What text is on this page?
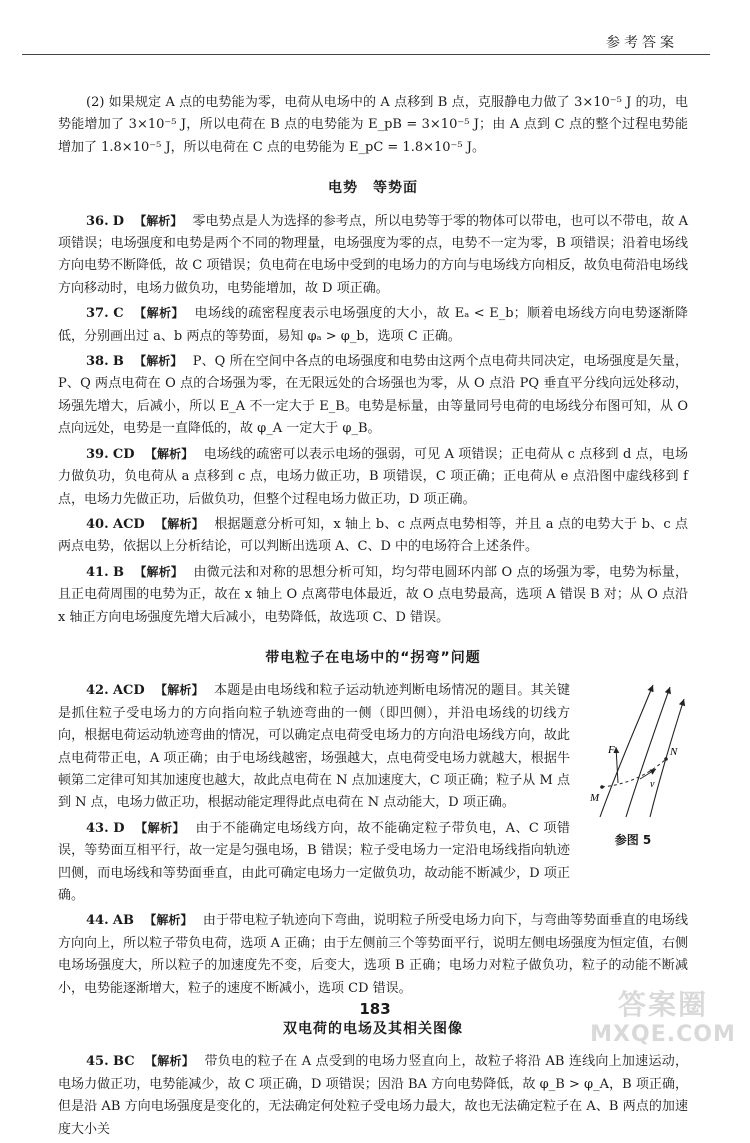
参考答案

(2) 如果规定 A 点的电势能为零，电荷从电场中的 A 点移到 B 点，克服静电力做了 3×10⁻⁵ J 的功，电势能增加了 3×10⁻⁵ J，所以电荷在 B 点的电势能为 E_pB = 3×10⁻⁵ J；由 A 点到 C 点的整个过程电势能增加了 1.8×10⁻⁵ J，所以电荷在 C 点的电势能为 E_pC = 1.8×10⁻⁵ J。

电势　等势面

36. D 【解析】 零电势点是人为选择的参考点，所以电势等于零的物体可以带电，也可以不带电，故 A 项错误；电场强度和电势是两个不同的物理量，电场强度为零的点，电势不一定为零，B 项错误；沿着电场线方向电势不断降低，故 C 项错误；负电荷在电场中受到的电场力的方向与电场线方向相反，故负电荷沿电场线方向移动时，电场力做负功，电势能增加，故 D 项正确。

37. C 【解析】 电场线的疏密程度表示电场强度的大小，故 Eₐ < E_b；顺着电场线方向电势逐渐降低，分别画出过 a、b 两点的等势面，易知 φₐ > φ_b，选项 C 正确。

38. B 【解析】 P、Q 所在空间中各点的电场强度和电势由这两个点电荷共同决定，电场强度是矢量，P、Q 两点电荷在 O 点的合场强为零，在无限远处的合场强也为零，从 O 点沿 PQ 垂直平分线向远处移动，场强先增大，后减小，所以 E_A 不一定大于 E_B。电势是标量，由等量同号电荷的电场线分布图可知，从 O 点向远处，电势是一直降低的，故 φ_A 一定大于 φ_B。

39. CD 【解析】 电场线的疏密可以表示电场的强弱，可见 A 项错误；正电荷从 c 点移到 d 点，电场力做负功，负电荷从 a 点移到 c 点，电场力做正功，B 项错误，C 项正确；正电荷从 e 点沿图中虚线移到 f 点，电场力先做正功，后做负功，但整个过程电场力做正功，D 项正确。

40. ACD 【解析】 根据题意分析可知，x 轴上 b、c 点两点电势相等，并且 a 点的电势大于 b、c 点两点电势，依据以上分析结论，可以判断出选项 A、C、D 中的电场符合上述条件。

41. B 【解析】 由微元法和对称的思想分析可知，均匀带电圆环内部 O 点的场强为零，电势为标量，且正电荷周围的电势为正，故在 x 轴上 O 点离带电体最近，故 O 点电势最高，选项 A 错误 B 对；从 O 点沿 x 轴正方向电场强度先增大后减小，电势降低，故选项 C、D 错误。

带电粒子在电场中的“拐弯”问题

42. ACD 【解析】 本题是由电场线和粒子运动轨迹判断电场情况的题目。其关键是抓住粒子受电场力的方向指向粒子轨迹弯曲的一侧（即凹侧），并沿电场线的切线方向，根据电荷运动轨迹弯曲的情况，可以确定点电荷受电场力的方向沿电场线方向，故此点电荷带正电，A 项正确；由于电场线越密，场强越大，点电荷受电场力就越大，根据牛顿第二定律可知其加速度也越大，故此点电荷在 N 点加速度大，C 项正确；粒子从 M 点到 N 点，电场力做正功，根据动能定理得此点电荷在 N 点动能大，D 项正确。

43. D 【解析】 由于不能确定电场线方向，故不能确定粒子带负电，A、C 项错误，等势面互相平行，故一定是匀强电场，B 错误；粒子受电场力一定沿电场线指向轨迹凹侧，而电场线和等势面垂直，由此可确定电场力一定做负功，故动能不断减少，D 项正确。

F	N
M
v
参图 5

44. AB 【解析】 由于带电粒子轨迹向下弯曲，说明粒子所受电场力向下，与弯曲等势面垂直的电场线方向向上，所以粒子带负电荷，选项 A 正确；由于左侧前三个等势面平行，说明左侧电场强度为恒定值，右侧电场场强度大，所以粒子的加速度先不变，后变大，选项 B 正确；电场力对粒子做负功，粒子的动能不断减小，电势能逐渐增大，粒子的速度不断减小，选项 CD 错误。

双电荷的电场及其相关图像

45. BC 【解析】 带负电的粒子在 A 点受到的电场力竖直向上，故粒子将沿 AB 连线向上加速运动，电场力做正功，电势能减少，故 C 项正确，D 项错误；因沿 BA 方向电势降低，故 φ_B > φ_A，B 项正确，但是沿 AB 方向电场强度是变化的，无法确定何处粒子受电场力最大，故也无法确定粒子在 A、B 两点的加速度大小关

183	答案圈
MXQE.COM
